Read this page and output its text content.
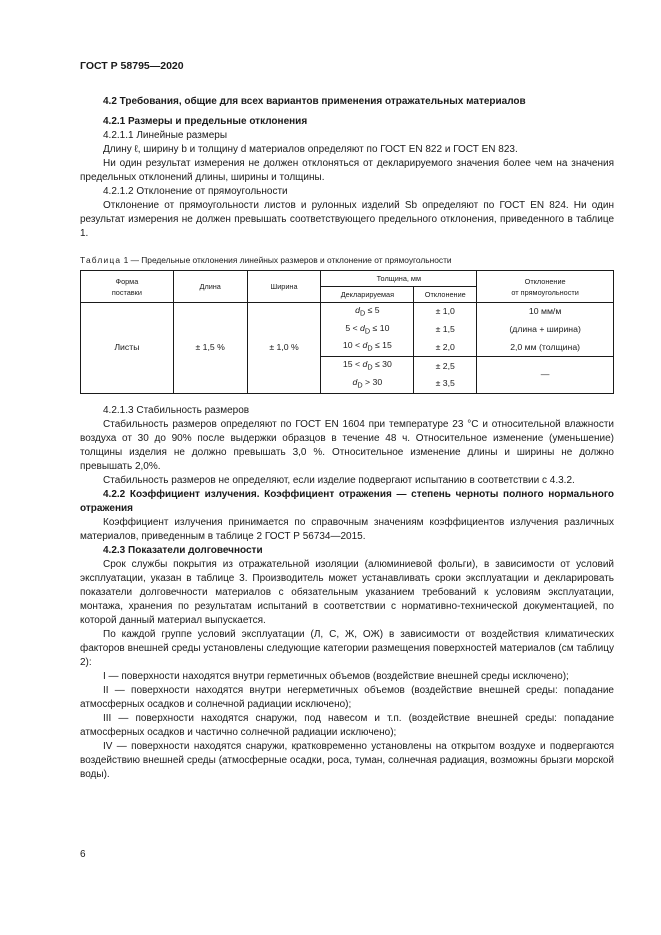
ГОСТ Р 58795—2020

4.2 Требования, общие для всех вариантов применения отражательных материалов

4.2.1 Размеры и предельные отклонения

4.2.1.1 Линейные размеры

Длину ℓ, ширину b и толщину d материалов определяют по ГОСТ EN 822 и ГОСТ EN 823.

Ни один результат измерения не должен отклоняться от декларируемого значения более чем на значения предельных отклонений длины, ширины и толщины.

4.2.1.2 Отклонение от прямоугольности

Отклонение от прямоугольности листов и рулонных изделий Sb определяют по ГОСТ EN 824. Ни один результат измерения не должен превышать соответствующего предельного отклонения, приведенного в таблице 1.

Таблица 1 — Предельные отклонения линейных размеров и отклонение от прямоугольности
Форма
поставки	Длина	Ширина	Толщина, мм		Отклонение
от прямоугольности
			Декларируемая	Отклонение	
Листы	± 1,5 %	± 1,0 %	$d_D \le 5$	± 1,0	10 мм/м
			$5 < d_D \le 10$	± 1,5	(длина + ширина)
			$10 < d_D \le 15$	± 2,0	2,0 мм (толщина)
			$15 < d_D \le 30$	± 2,5	—
			$d_D > 30$	± 3,5	

4.2.1.3 Стабильность размеров

Стабильность размеров определяют по ГОСТ EN 1604 при температуре 23 °С и относительной влажности воздуха от 30 до 90% после выдержки образцов в течение 48 ч. Относительное изменение (уменьшение) толщины изделия не должно превышать 3,0 %. Относительное изменение длины и ширины не должно превышать 2,0%.

Стабильность размеров не определяют, если изделие подвергают испытанию в соответствии с 4.3.2.

4.2.2 Коэффициент излучения. Коэффициент отражения — степень черноты полного нормального отражения

Коэффициент излучения принимается по справочным значениям коэффициентов излучения различных материалов, приведенным в таблице 2 ГОСТ Р 56734—2015.

4.2.3 Показатели долговечности

Срок службы покрытия из отражательной изоляции (алюминиевой фольги), в зависимости от условий эксплуатации, указан в таблице 3. Производитель может устанавливать сроки эксплуатации и декларировать показатели долговечности материалов с обязательным указанием требований к условиям эксплуатации, монтажа, хранения по результатам испытаний в соответствии с нормативно-технической документацией, по которой данный материал выпускается.

По каждой группе условий эксплуатации (Л, С, Ж, ОЖ) в зависимости от воздействия климатических факторов внешней среды установлены следующие категории размещения поверхностей материалов (см таблицу 2):

I — поверхности находятся внутри герметичных объемов (воздействие внешней среды исключено);

II — поверхности находятся внутри негерметичных объемов (воздействие внешней среды: попадание атмосферных осадков и солнечной радиации исключено);

III — поверхности находятся снаружи, под навесом и т.п. (воздействие внешней среды: попадание атмосферных осадков и частично солнечной радиации исключено);

IV — поверхности находятся снаружи, кратковременно установлены на открытом воздухе и подвергаются воздействию внешней среды (атмосферные осадки, роса, туман, солнечная радиация, возможны брызги морской воды).

6
